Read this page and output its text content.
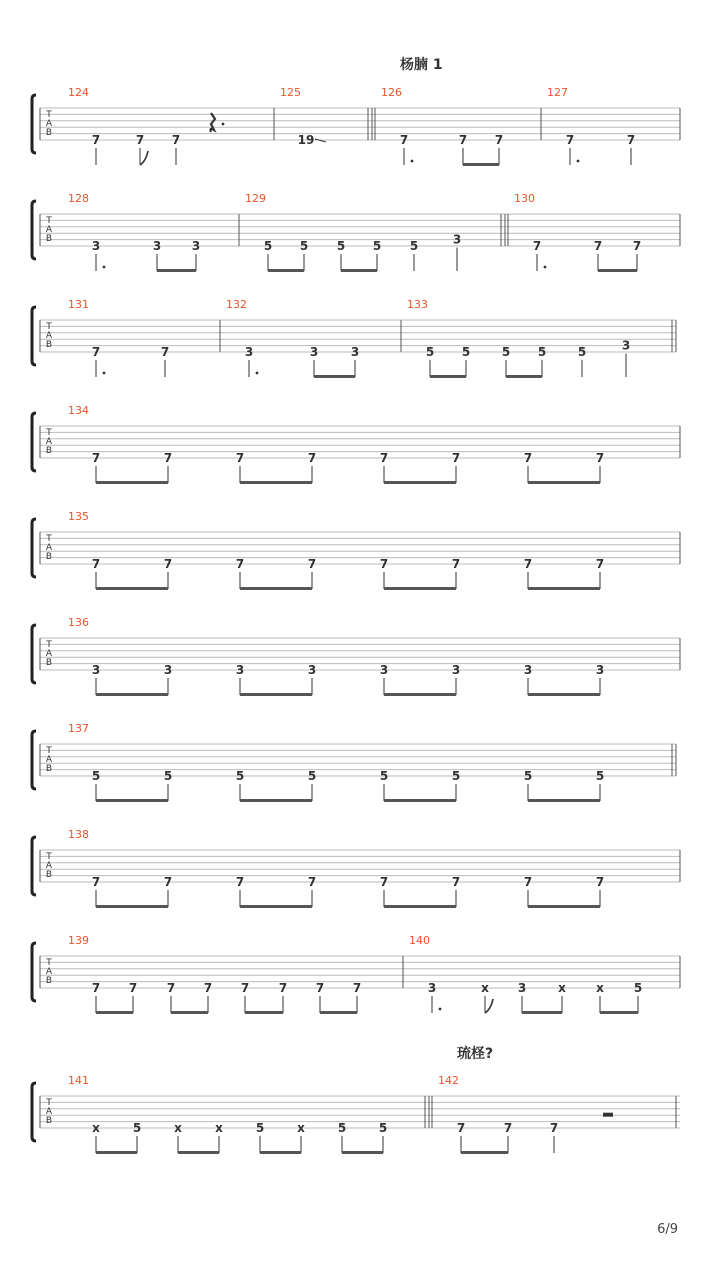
T
A
B
124
7	7 7
125
19
126
7	7 7
127
7	7
T
A
B
128
3	3	3
129
5 5 5 5 5	3
130
7	7	7
T
A
B
131
7	7
132
3	3	3
133
5 5	5 5	5	3
T
A
B
134
7	7	7	7	7	7	7	7
T
A
B
135
7	7	7	7	7	7	7	7
T
A
B
136
3	3	3	3	3	3	3	3
T
A
B
137
5	5	5	5	5	5	5	5
T
A
B
138
7	7	7	7	7	7	7	7
T
A
B
139
7 7 7 7 7 7 7 7
140
3	x 3	x	x 5
T
A
B
141
x	5	x	x	5	x	5	5
142
7	7	7
杨腩 1
琉柽?
6/9
